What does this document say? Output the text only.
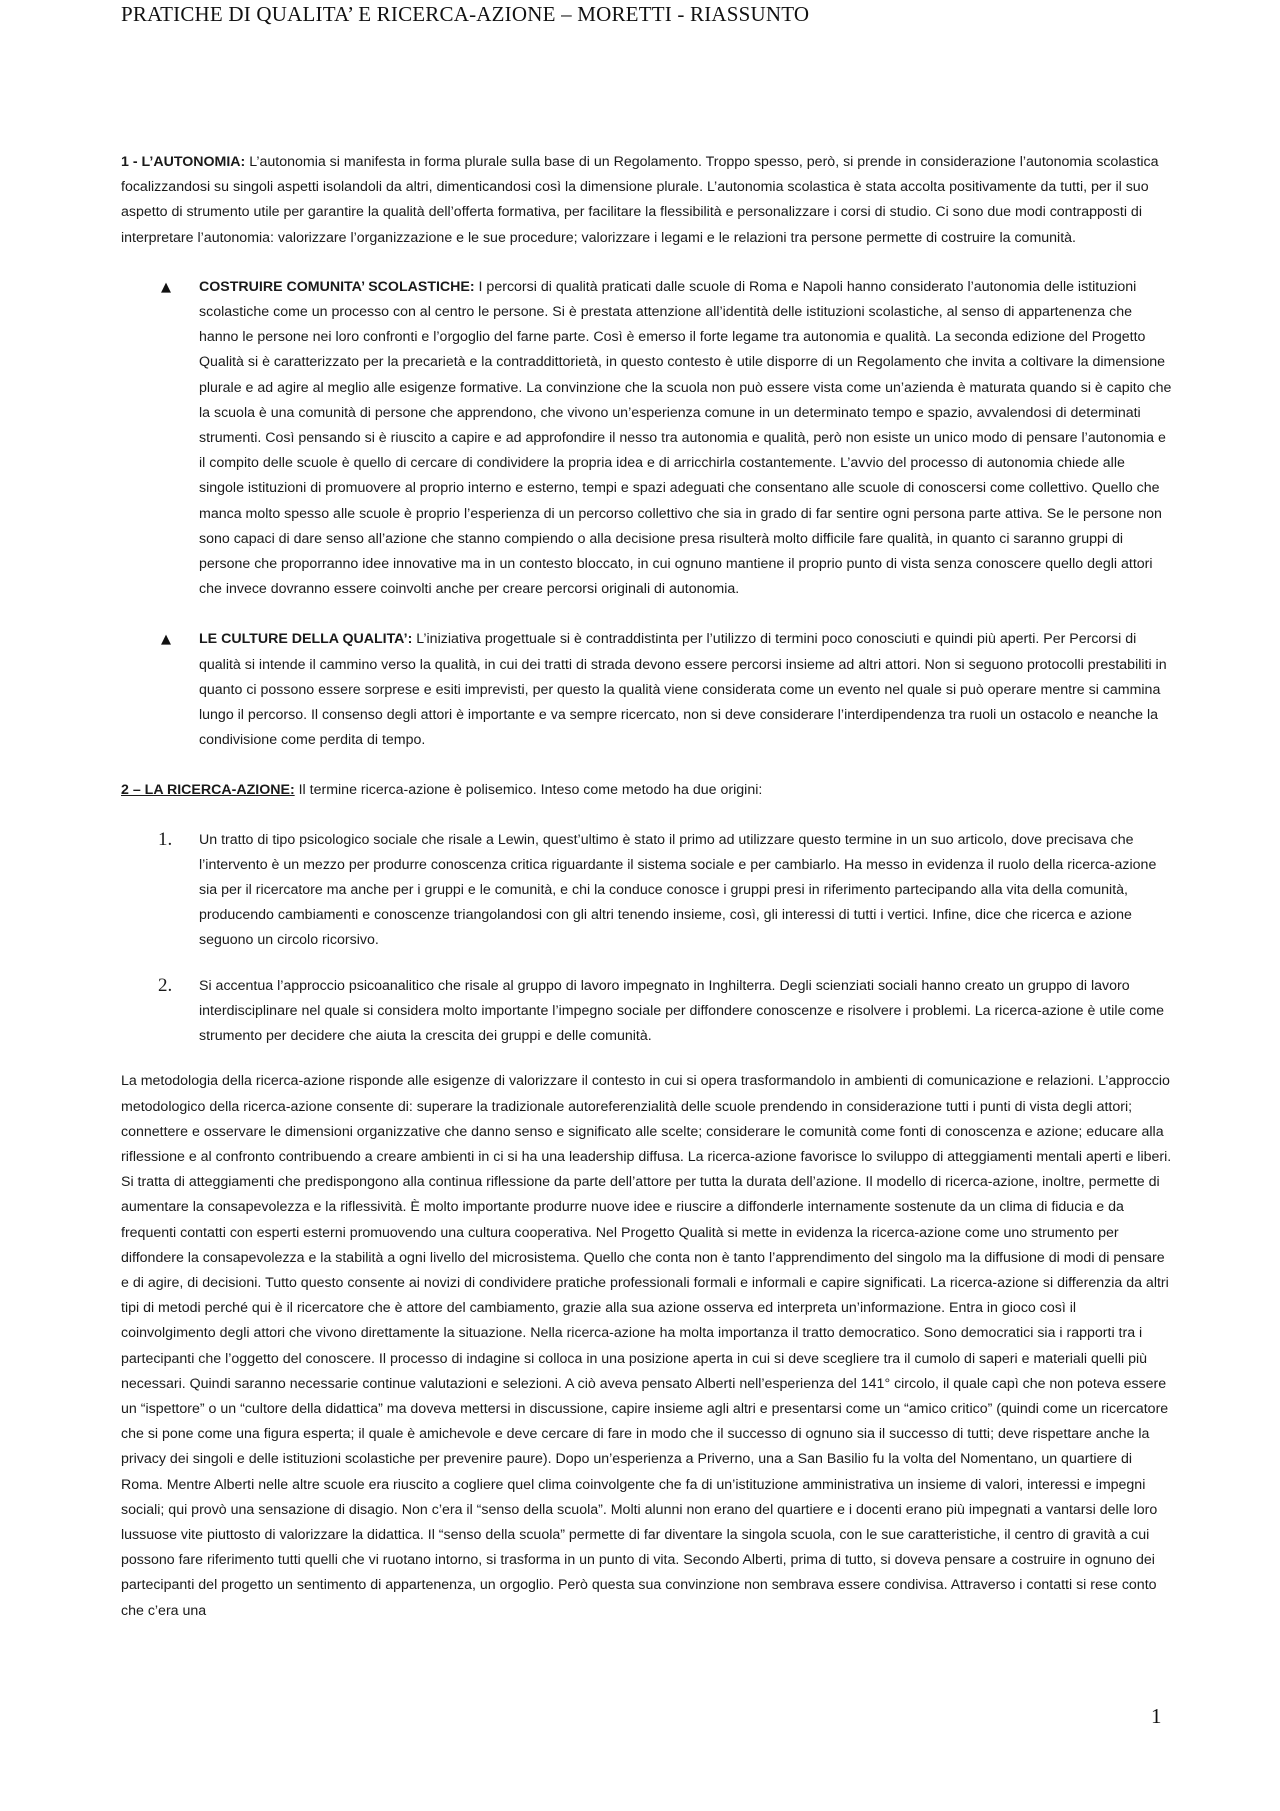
PRATICHE DI QUALITA’ E RICERCA-AZIONE – MORETTI - RIASSUNTO

1 - L’AUTONOMIA: L’autonomia si manifesta in forma plurale sulla base di un Regolamento. Troppo spesso, però, si prende in considerazione l’autonomia scolastica focalizzandosi su singoli aspetti isolandoli da altri, dimenticandosi così la dimensione plurale. L’autonomia scolastica è stata accolta positivamente da tutti, per il suo aspetto di strumento utile per garantire la qualità dell’offerta formativa, per facilitare la flessibilità e personalizzare i corsi di studio. Ci sono due modi contrapposti di interpretare l’autonomia: valorizzare l’organizzazione e le sue procedure; valorizzare i legami e le relazioni tra persone permette di costruire la comunità.

▲ COSTRUIRE COMUNITA’ SCOLASTICHE: I percorsi di qualità praticati dalle scuole di Roma e Napoli hanno considerato l’autonomia delle istituzioni scolastiche come un processo con al centro le persone. Si è prestata attenzione all’identità delle istituzioni scolastiche, al senso di appartenenza che hanno le persone nei loro confronti e l’orgoglio del farne parte. Così è emerso il forte legame tra autonomia e qualità. La seconda edizione del Progetto Qualità si è caratterizzato per la precarietà e la contraddittorietà, in questo contesto è utile disporre di un Regolamento che invita a coltivare la dimensione plurale e ad agire al meglio alle esigenze formative. La convinzione che la scuola non può essere vista come un’azienda è maturata quando si è capito che la scuola è una comunità di persone che apprendono, che vivono un’esperienza comune in un determinato tempo e spazio, avvalendosi di determinati strumenti. Così pensando si è riuscito a capire e ad approfondire il nesso tra autonomia e qualità, però non esiste un unico modo di pensare l’autonomia e il compito delle scuole è quello di cercare di condividere la propria idea e di arricchirla costantemente. L’avvio del processo di autonomia chiede alle singole istituzioni di promuovere al proprio interno e esterno, tempi e spazi adeguati che consentano alle scuole di conoscersi come collettivo. Quello che manca molto spesso alle scuole è proprio l’esperienza di un percorso collettivo che sia in grado di far sentire ogni persona parte attiva. Se le persone non sono capaci di dare senso all’azione che stanno compiendo o alla decisione presa risulterà molto difficile fare qualità, in quanto ci saranno gruppi di persone che proporranno idee innovative ma in un contesto bloccato, in cui ognuno mantiene il proprio punto di vista senza conoscere quello degli attori che invece dovranno essere coinvolti anche per creare percorsi originali di autonomia.

▲ LE CULTURE DELLA QUALITA’: L’iniziativa progettuale si è contraddistinta per l’utilizzo di termini poco conosciuti e quindi più aperti. Per Percorsi di qualità si intende il cammino verso la qualità, in cui dei tratti di strada devono essere percorsi insieme ad altri attori. Non si seguono protocolli prestabiliti in quanto ci possono essere sorprese e esiti imprevisti, per questo la qualità viene considerata come un evento nel quale si può operare mentre si cammina lungo il percorso. Il consenso degli attori è importante e va sempre ricercato, non si deve considerare l’interdipendenza tra ruoli un ostacolo e neanche la condivisione come perdita di tempo.

2 – LA RICERCA-AZIONE: Il termine ricerca-azione è polisemico. Inteso come metodo ha due origini:

1. Un tratto di tipo psicologico sociale che risale a Lewin, quest’ultimo è stato il primo ad utilizzare questo termine in un suo articolo, dove precisava che l’intervento è un mezzo per produrre conoscenza critica riguardante il sistema sociale e per cambiarlo. Ha messo in evidenza il ruolo della ricerca-azione sia per il ricercatore ma anche per i gruppi e le comunità, e chi la conduce conosce i gruppi presi in riferimento partecipando alla vita della comunità, producendo cambiamenti e conoscenze triangolandosi con gli altri tenendo insieme, così, gli interessi di tutti i vertici. Infine, dice che ricerca e azione seguono un circolo ricorsivo.

2. Si accentua l’approccio psicoanalitico che risale al gruppo di lavoro impegnato in Inghilterra. Degli scienziati sociali hanno creato un gruppo di lavoro interdisciplinare nel quale si considera molto importante l’impegno sociale per diffondere conoscenze e risolvere i problemi. La ricerca-azione è utile come strumento per decidere che aiuta la crescita dei gruppi e delle comunità.

La metodologia della ricerca-azione risponde alle esigenze di valorizzare il contesto in cui si opera trasformandolo in ambienti di comunicazione e relazioni. L’approccio metodologico della ricerca-azione consente di: superare la tradizionale autoreferenzialità delle scuole prendendo in considerazione tutti i punti di vista degli attori; connettere e osservare le dimensioni organizzative che danno senso e significato alle scelte; considerare le comunità come fonti di conoscenza e azione; educare alla riflessione e al confronto contribuendo a creare ambienti in ci si ha una leadership diffusa. La ricerca-azione favorisce lo sviluppo di atteggiamenti mentali aperti e liberi. Si tratta di atteggiamenti che predispongono alla continua riflessione da parte dell’attore per tutta la durata dell’azione. Il modello di ricerca-azione, inoltre, permette di aumentare la consapevolezza e la riflessività. È molto importante produrre nuove idee e riuscire a diffonderle internamente sostenute da un clima di fiducia e da frequenti contatti con esperti esterni promuovendo una cultura cooperativa. Nel Progetto Qualità si mette in evidenza la ricerca-azione come uno strumento per diffondere la consapevolezza e la stabilità a ogni livello del microsistema. Quello che conta non è tanto l’apprendimento del singolo ma la diffusione di modi di pensare e di agire, di decisioni. Tutto questo consente ai novizi di condividere pratiche professionali formali e informali e capire significati. La ricerca-azione si differenzia da altri tipi di metodi perché qui è il ricercatore che è attore del cambiamento, grazie alla sua azione osserva ed interpreta un’informazione. Entra in gioco così il coinvolgimento degli attori che vivono direttamente la situazione. Nella ricerca-azione ha molta importanza il tratto democratico. Sono democratici sia i rapporti tra i partecipanti che l’oggetto del conoscere. Il processo di indagine si colloca in una posizione aperta in cui si deve scegliere tra il cumolo di saperi e materiali quelli più necessari. Quindi saranno necessarie continue valutazioni e selezioni. A ciò aveva pensato Alberti nell’esperienza del 141° circolo, il quale capì che non poteva essere un “ispettore” o un “cultore della didattica” ma doveva mettersi in discussione, capire insieme agli altri e presentarsi come un “amico critico” (quindi come un ricercatore che si pone come una figura esperta; il quale è amichevole e deve cercare di fare in modo che il successo di ognuno sia il successo di tutti; deve rispettare anche la privacy dei singoli e delle istituzioni scolastiche per prevenire paure). Dopo un’esperienza a Priverno, una a San Basilio fu la volta del Nomentano, un quartiere di Roma. Mentre Alberti nelle altre scuole era riuscito a cogliere quel clima coinvolgente che fa di un’istituzione amministrativa un insieme di valori, interessi e impegni sociali; qui provò una sensazione di disagio. Non c’era il “senso della scuola”. Molti alunni non erano del quartiere e i docenti erano più impegnati a vantarsi delle loro lussuose vite piuttosto di valorizzare la didattica. Il “senso della scuola” permette di far diventare la singola scuola, con le sue caratteristiche, il centro di gravità a cui possono fare riferimento tutti quelli che vi ruotano intorno, si trasforma in un punto di vita. Secondo Alberti, prima di tutto, si doveva pensare a costruire in ognuno dei partecipanti del progetto un sentimento di appartenenza, un orgoglio. Però questa sua convinzione non sembrava essere condivisa. Attraverso i contatti si rese conto che c’era una

1
